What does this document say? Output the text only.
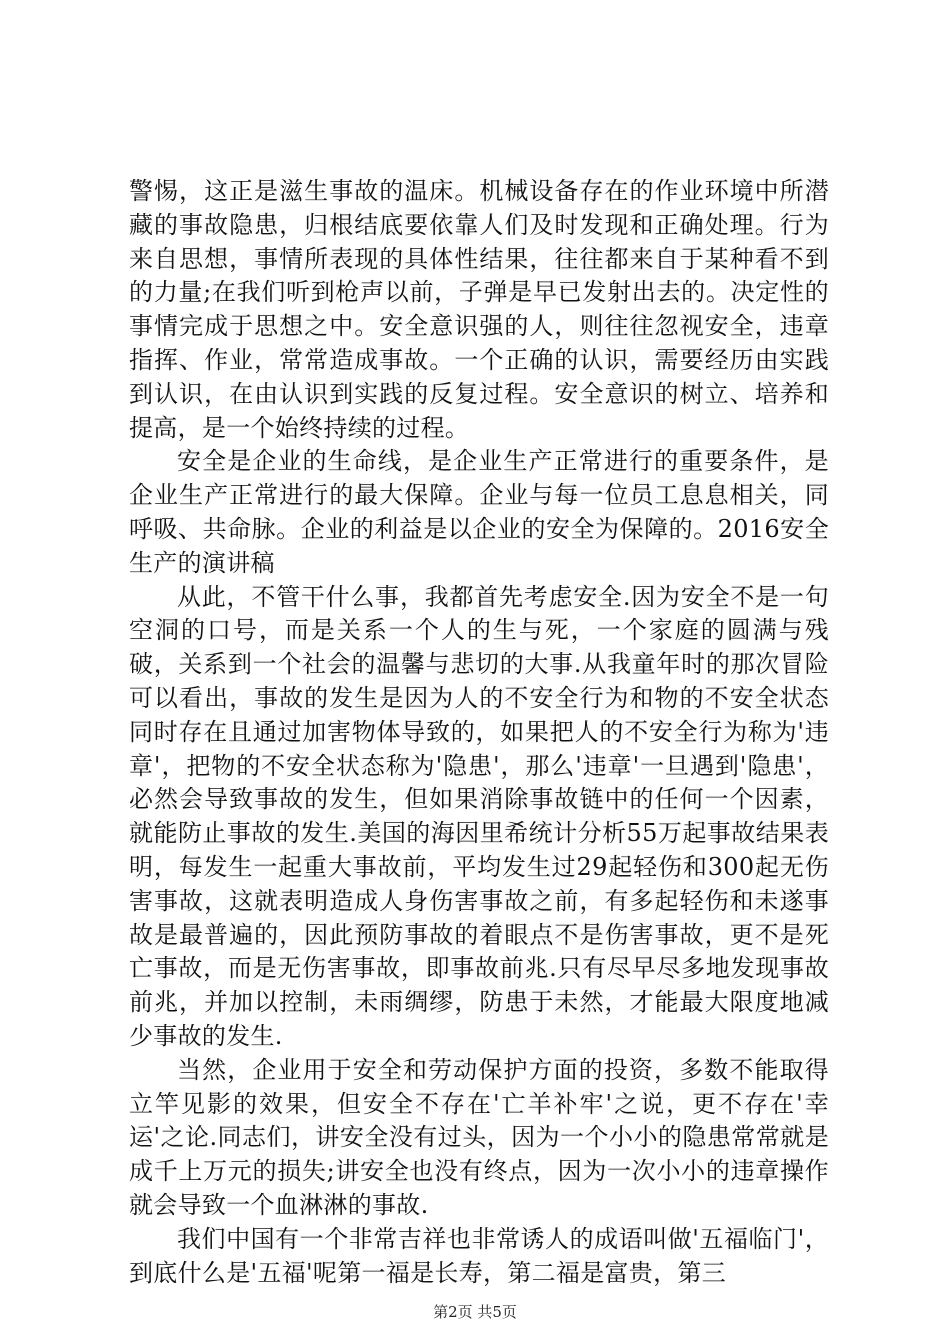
警惕，这正是滋生事故的温床。机械设备存在的作业环境中所潜藏的事故隐患，归根结底要依靠人们及时发现和正确处理。行为来自思想，事情所表现的具体性结果，往往都来自于某种看不到的力量;在我们听到枪声以前，子弹是早已发射出去的。决定性的事情完成于思想之中。安全意识强的人，则往往忽视安全，违章指挥、作业，常常造成事故。一个正确的认识，需要经历由实践到认识，在由认识到实践的反复过程。安全意识的树立、培养和提高，是一个始终持续的过程。

安全是企业的生命线，是企业生产正常进行的重要条件，是企业生产正常进行的最大保障。企业与每一位员工息息相关，同呼吸、共命脉。企业的利益是以企业的安全为保障的。2016安全生产的演讲稿

从此，不管干什么事，我都首先考虑安全.因为安全不是一句空洞的口号，而是关系一个人的生与死，一个家庭的圆满与残破，关系到一个社会的温馨与悲切的大事.从我童年时的那次冒险可以看出，事故的发生是因为人的不安全行为和物的不安全状态同时存在且通过加害物体导致的，如果把人的不安全行为称为'违章'，把物的不安全状态称为'隐患'，那么'违章'一旦遇到'隐患'，必然会导致事故的发生，但如果消除事故链中的任何一个因素，就能防止事故的发生.美国的海因里希统计分析55万起事故结果表明，每发生一起重大事故前，平均发生过29起轻伤和300起无伤害事故，这就表明造成人身伤害事故之前，有多起轻伤和未遂事故是最普遍的，因此预防事故的着眼点不是伤害事故，更不是死亡事故，而是无伤害事故，即事故前兆.只有尽早尽多地发现事故前兆，并加以控制，未雨绸缪，防患于未然，才能最大限度地减少事故的发生.

当然，企业用于安全和劳动保护方面的投资，多数不能取得立竿见影的效果，但安全不存在'亡羊补牢'之说，更不存在'幸运'之论.同志们，讲安全没有过头，因为一个小小的隐患常常就是成千上万元的损失;讲安全也没有终点，因为一次小小的违章操作就会导致一个血淋淋的事故.

我们中国有一个非常吉祥也非常诱人的成语叫做'五福临门'，到底什么是'五福'呢第一福是长寿，第二福是富贵，第三

第2页 共5页
